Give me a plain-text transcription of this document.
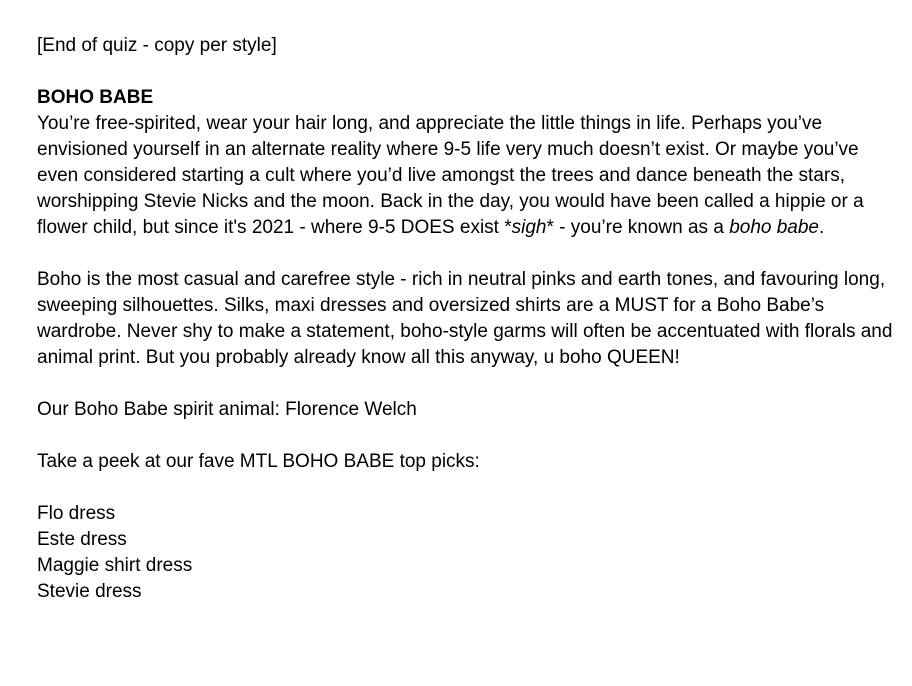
[End of quiz - copy per style]

BOHO BABE

You’re free-spirited, wear your hair long, and appreciate the little things in life. Perhaps you’ve envisioned yourself in an alternate reality where 9-5 life very much doesn’t exist. Or maybe you’ve even considered starting a cult where you’d live amongst the trees and dance beneath the stars, worshipping Stevie Nicks and the moon. Back in the day, you would have been called a hippie or a flower child, but since it's 2021 - where 9-5 DOES exist *sigh* - you’re known as a boho babe.

Boho is the most casual and carefree style - rich in neutral pinks and earth tones, and favouring long, sweeping silhouettes. Silks, maxi dresses and oversized shirts are a MUST for a Boho Babe’s wardrobe. Never shy to make a statement, boho-style garms will often be accentuated with florals and animal print. But you probably already know all this anyway, u boho QUEEN!

Our Boho Babe spirit animal: Florence Welch

Take a peek at our fave MTL BOHO BABE top picks:

Flo dress
Este dress
Maggie shirt dress
Stevie dress
